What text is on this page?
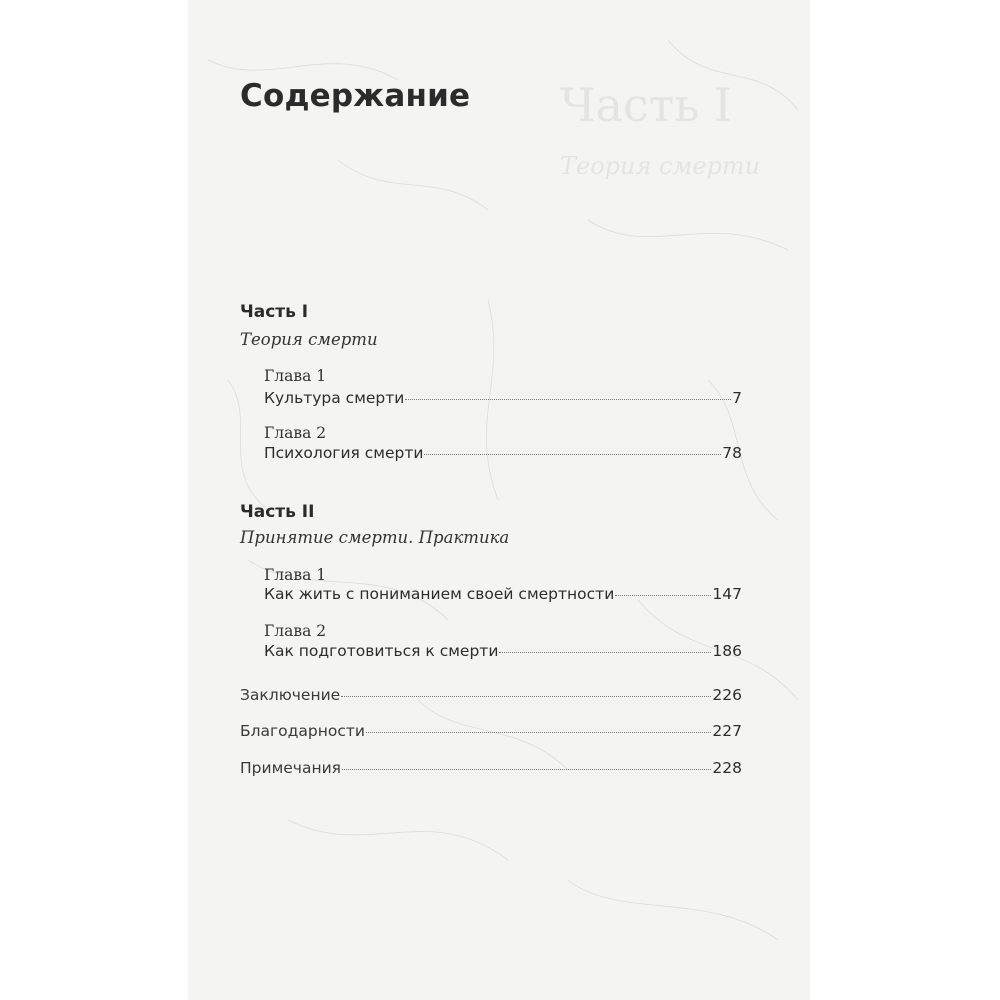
Часть I
Теория смерти
Содержание
Часть I
Теория смерти
Глава 1
Культура смерти	7
Глава 2
Психология смерти	78
Часть II
Принятие смерти. Практика
Глава 1
Как жить с пониманием своей смертности	147
Глава 2
Как подготовиться к смерти	186
Заключение	226
Благодарности	227
Примечания	228
